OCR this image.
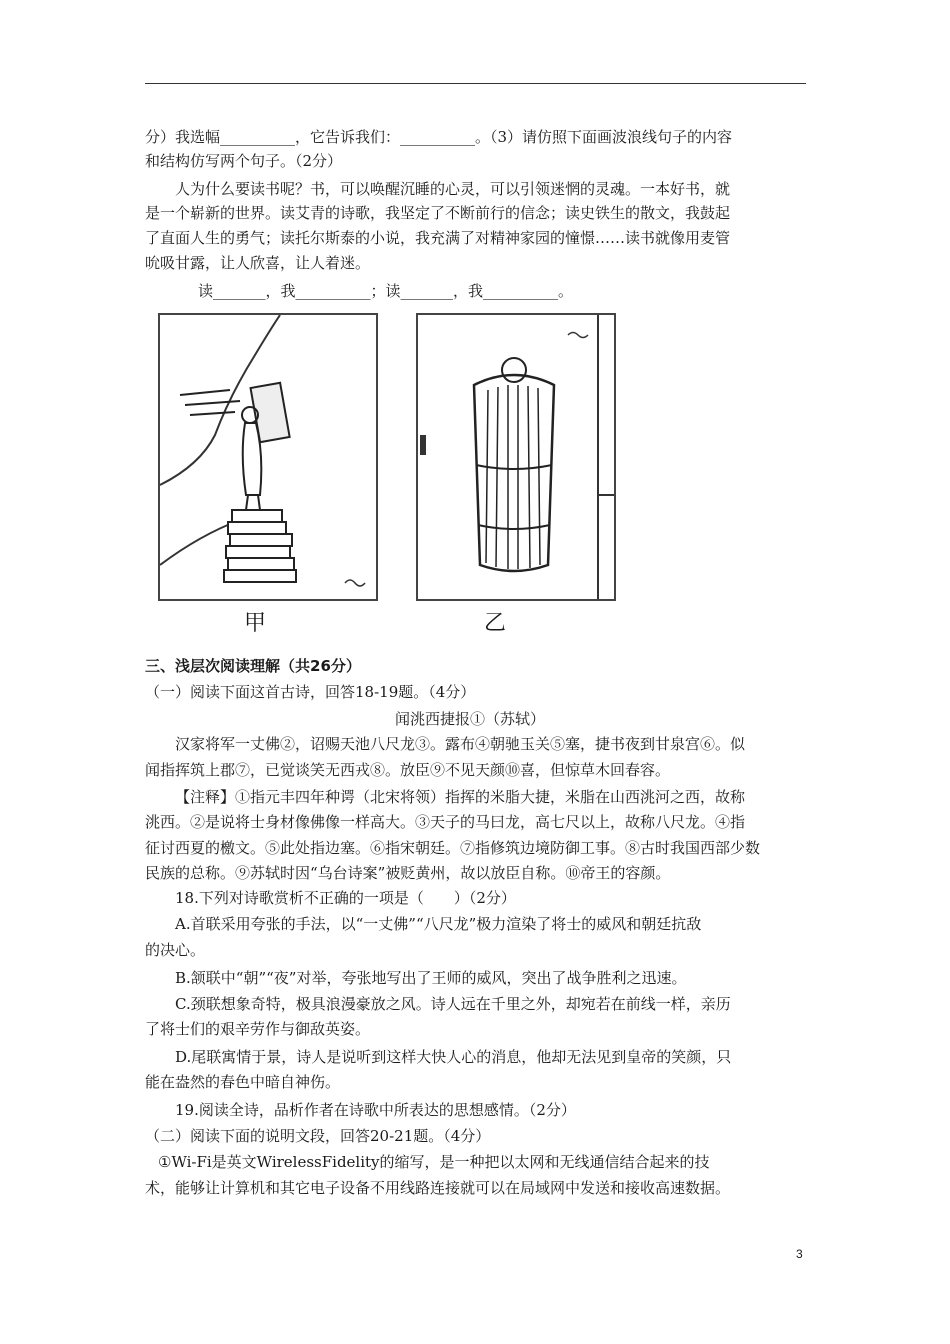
分）我选幅__________，它告诉我们：__________。（3）请仿照下面画波浪线句子的内容
和结构仿写两个句子。（2分）
人为什么要读书呢？书，可以唤醒沉睡的心灵，可以引领迷惘的灵魂。一本好书，就
是一个崭新的世界。读艾青的诗歌，我坚定了不断前行的信念；读史铁生的散文，我鼓起
了直面人生的勇气；读托尔斯泰的小说，我充满了对精神家园的憧憬……读书就像用麦管
吮吸甘露，让人欣喜，让人着迷。
读_______，我__________；读_______，我__________。
甲	乙
三、浅层次阅读理解（共26分）
（一）阅读下面这首古诗，回答18-19题。（4分）
闻洮西捷报①（苏轼）
汉家将军一丈佛②，诏赐天池八尺龙③。露布④朝驰玉关⑤塞，捷书夜到甘泉宫⑥。似
闻指挥筑上郡⑦，已觉谈笑无西戎⑧。放臣⑨不见天颜⑩喜，但惊草木回春容。
【注释】①指元丰四年种谔（北宋将领）指挥的米脂大捷，米脂在山西洮河之西，故称
洮西。②是说将士身材像佛像一样高大。③天子的马曰龙，高七尺以上，故称八尺龙。④指
征讨西夏的檄文。⑤此处指边塞。⑥指宋朝廷。⑦指修筑边境防御工事。⑧古时我国西部少数
民族的总称。⑨苏轼时因“乌台诗案”被贬黄州，故以放臣自称。⑩帝王的容颜。
18.下列对诗歌赏析不正确的一项是（　　）（2分）
A.首联采用夸张的手法，以“一丈佛”“八尺龙”极力渲染了将士的威风和朝廷抗敌
的决心。
B.颔联中“朝”“夜”对举，夸张地写出了王师的威风，突出了战争胜利之迅速。
C.颈联想象奇特，极具浪漫豪放之风。诗人远在千里之外，却宛若在前线一样，亲历
了将士们的艰辛劳作与御敌英姿。
D.尾联寓情于景，诗人是说听到这样大快人心的消息，他却无法见到皇帝的笑颜，只
能在盎然的春色中暗自神伤。
19.阅读全诗，品析作者在诗歌中所表达的思想感情。（2分）
（二）阅读下面的说明文段，回答20-21题。（4分）
①Wi-Fi是英文WirelessFidelity的缩写，是一种把以太网和无线通信结合起来的技
术，能够让计算机和其它电子设备不用线路连接就可以在局域网中发送和接收高速数据。
3
